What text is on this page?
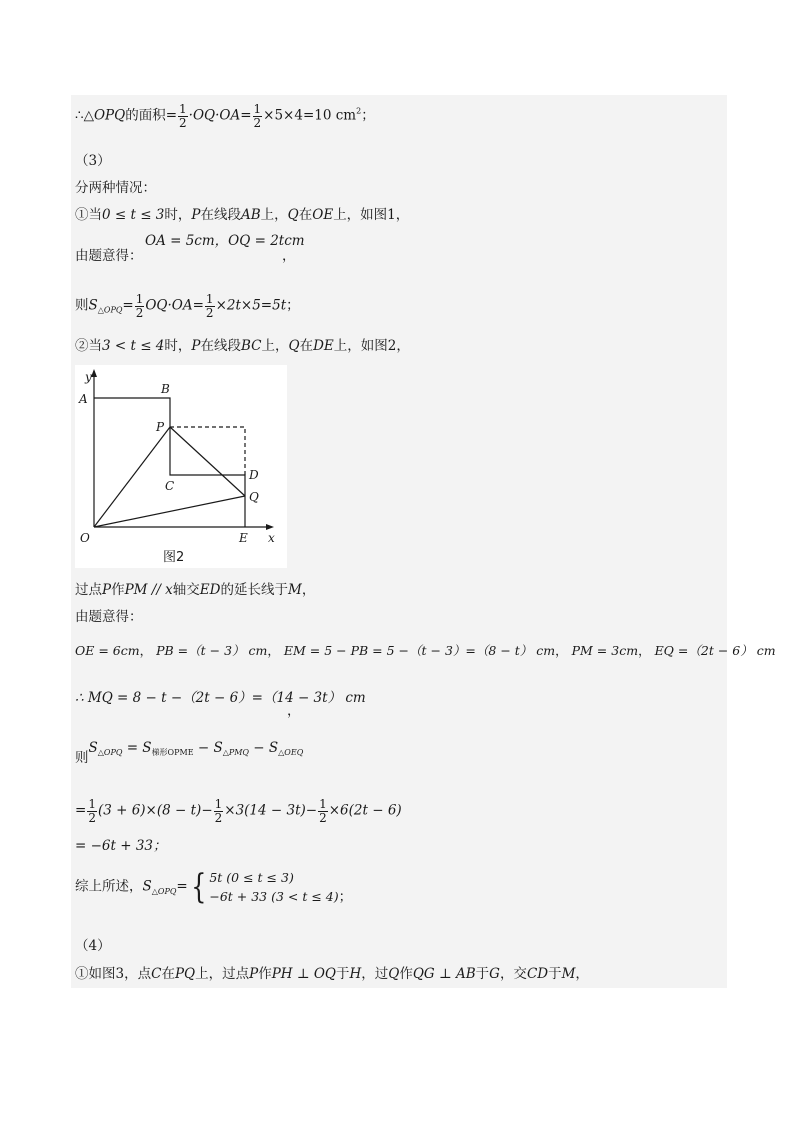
∴△OPQ的面积= $\frac{1}{2} \cdot OQ\cdot OA= \frac{1}{2} \times 5\times 4=10$ $cm^2$；
（3）
分两种情况：
①当0 ≤ t ≤ 3时，P在线段AB上，Q在OE上，如图1，
OA = 5cm，OQ = 2tcm
，
由题意得：
则$S_{\triangle OPQ}= \frac{1}{2} OQ\cdot OA= \frac{1}{2} \times 2t\times 5=5t$；
②当3 < t ≤ 4时，P在线段BC上，Q在DE上，如图2，
y
A
B
P
C
D
Q
O	E x
图2
过点P作PM // x轴交ED的延长线于M，
由题意得：
OE = 6cm， PB =（t − 3） cm， EM = 5 − PB = 5 −（t − 3）=（8 − t） cm， PM = 3cm， EQ =（2t − 6） cm
∴ MQ = 8 − t −（2t − 6）=（14 − 3t） cm
，
则$S_{\triangle OPQ} = S_{梯形OPME} - S_{\triangle PMQ} - S_{\triangle OEQ}$
= $\frac{1}{2} (3 + 6)\times(8 - t)- \frac{1}{2} \times 3(14 - 3t)- \frac{1}{2} \times 6(2t - 6)$
= −6t + 33；
综上所述，$S_{\triangle OPQ}=${ 5t (0 ≤ t ≤ 3)
−6t + 33 (3 < t ≤ 4) ；
（4）
①如图3，点C在PQ上，过点P作PH ⊥ OQ于H，过Q作QG ⊥ AB于G，交CD于M，
